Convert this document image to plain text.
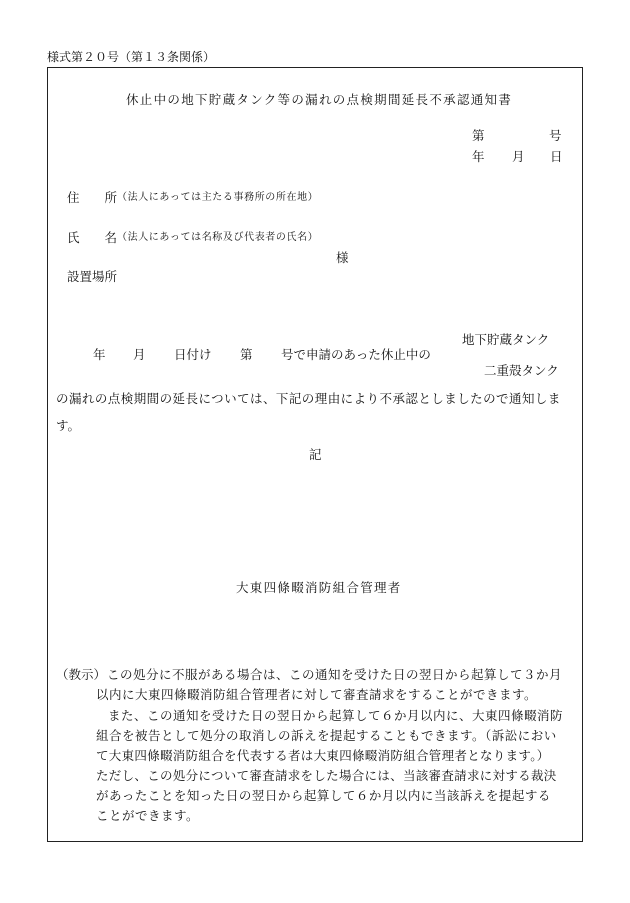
様式第２０号（第１３条関係）
休止中の地下貯蔵タンク等の漏れの点検期間延長不承認通知書
第	号
年 月 日
住　　所 （法人にあっては主たる事務所の所在地）
氏　　名 （法人にあっては名称及び代表者の氏名）
様
設置場所
地下貯蔵タンク
年 月 日付け 第 号で申請のあった休止中の
二重殻タンク
の漏れの点検期間の延長については、下記の理由により不承認としましたので通知しま
す。
記
大東四條畷消防組合管理者
（教示） この処分に不服がある場合は、この通知を受けた日の翌日から起算して３か月
以内に大東四條畷消防組合管理者に対して審査請求をすることができます。
また、この通知を受けた日の翌日から起算して６か月以内に、大東四條畷消防
組合を被告として処分の取消しの訴えを提起することもできます。（訴訟におい
て大東四條畷消防組合を代表する者は大東四條畷消防組合管理者となります。）
ただし、この処分について審査請求をした場合には、当該審査請求に対する裁決
があったことを知った日の翌日から起算して６か月以内に当該訴えを提起する
ことができます。
